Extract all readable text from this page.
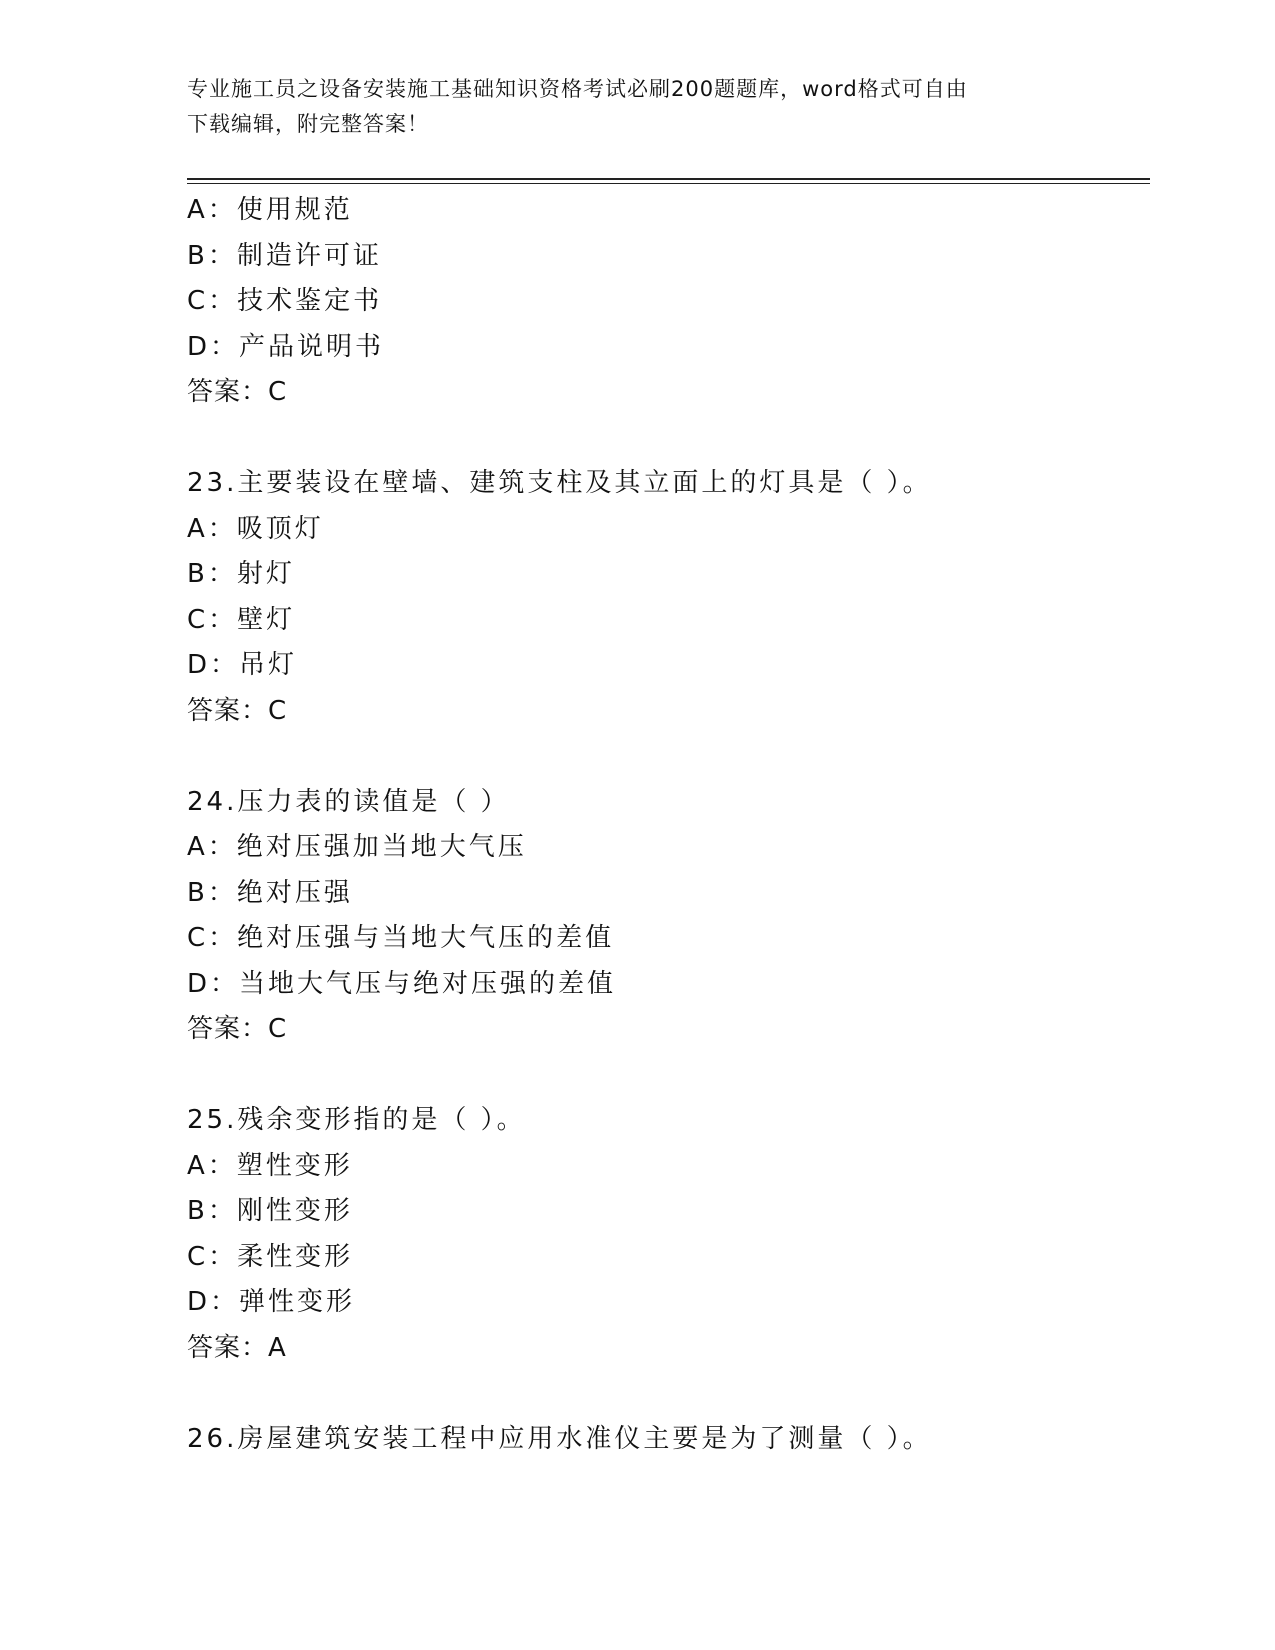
专业施工员之设备安装施工基础知识资格考试必刷200题题库，word格式可自由
下载编辑，附完整答案！
A：使用规范
B：制造许可证
C：技术鉴定书
D：产品说明书
答案：C
23.主要装设在壁墙、建筑支柱及其立面上的灯具是（ ）。
A：吸顶灯
B：射灯
C：壁灯
D：吊灯
答案：C
24.压力表的读值是（ ）
A：绝对压强加当地大气压
B：绝对压强
C：绝对压强与当地大气压的差值
D：当地大气压与绝对压强的差值
答案：C
25.残余变形指的是（ ）。
A：塑性变形
B：刚性变形
C：柔性变形
D：弹性变形
答案：A
26.房屋建筑安装工程中应用水准仪主要是为了测量（ ）。
